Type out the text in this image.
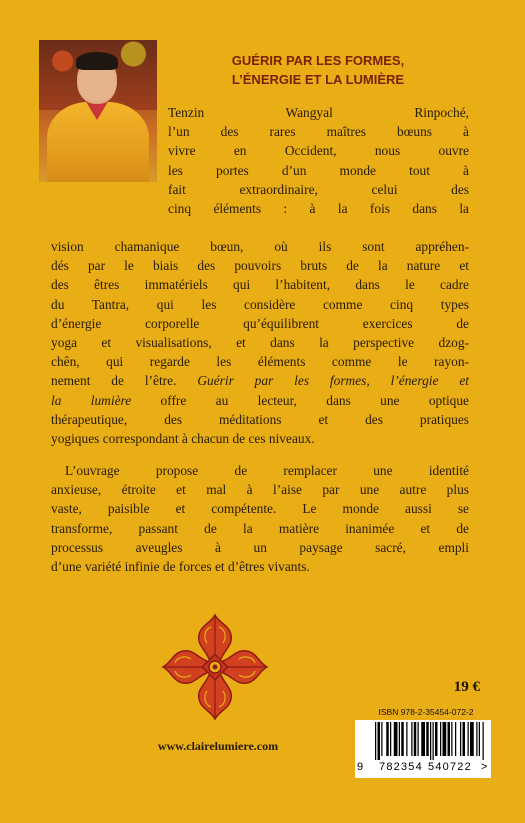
GUÉRIR PAR LES FORMES,
L’ÉNERGIE ET LA LUMIÈRE

Tenzin Wangyal Rinpoché,
l’un des rares maîtres bœuns à
vivre en Occident, nous ouvre
les portes d’un monde tout à
fait extraordinaire, celui des
cinq éléments : à la fois dans la

vision chamanique bœun, où ils sont appréhen-
dés par le biais des pouvoirs bruts de la nature et
des êtres immatériels qui l’habitent, dans le cadre
du Tantra, qui les considère comme cinq types
d’énergie corporelle qu’équilibrent exercices de
yoga et visualisations, et dans la perspective dzog-
chên, qui regarde les éléments comme le rayon-
nement de l’être. Guérir par les formes, l’énergie et
la lumière offre au lecteur, dans une optique
thérapeutique, des méditations et des pratiques
yogiques correspondant à chacun de ces niveaux.

L’ouvrage propose de remplacer une identité
anxieuse, étroite et mal à l’aise par une autre plus
vaste, paisible et compétente. Le monde aussi se
transforme, passant de la matière inanimée et de
processus aveugles à un paysage sacré, empli
d’une variété infinie de forces et d’êtres vivants.

19 €
ISBN 978-2-35454-072-2
9 782354 540722 >
www.clairelumiere.com
